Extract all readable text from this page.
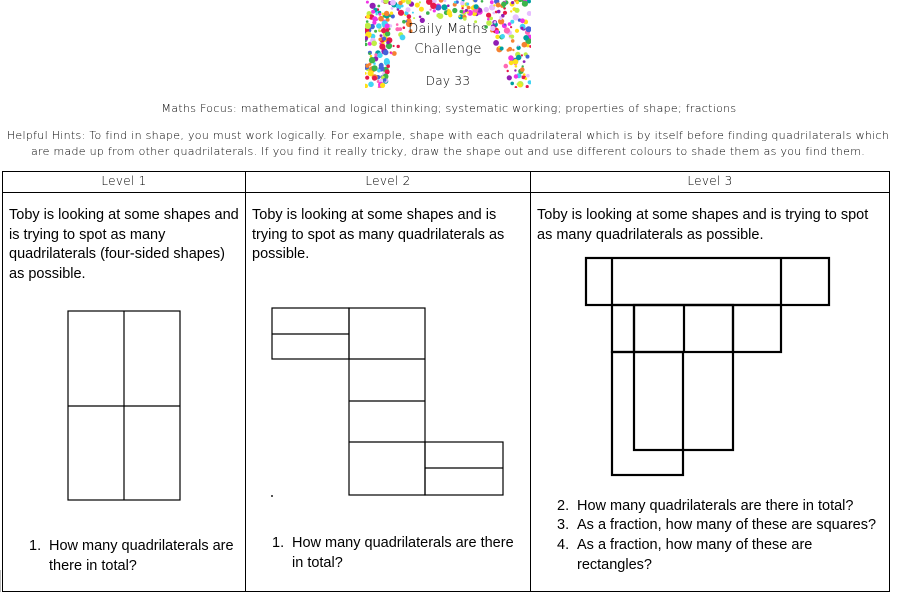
Daily Maths
Challenge
Day 33
Maths Focus: mathematical and logical thinking; systematic working; properties of shape; fractions
Helpful Hints: To find in shape, you must work logically. For example, shape with each quadrilateral which is by itself before finding quadrilaterals which are made up from other quadrilaterals. If you find it really tricky, draw the shape out and use different colours to shade them as you find them.
Level 1	Level 2	Level 3
Toby is looking at some shapes and is trying to spot as many quadrilaterals (four-sided shapes) as possible.
Toby is looking at some shapes and is trying to spot as many quadrilaterals as possible.
Toby is looking at some shapes and is trying to spot as many quadrilaterals as possible.
1. How many quadrilaterals are there in total?
1. How many quadrilaterals are there in total?
2. How many quadrilaterals are there in total?
3. As a fraction, how many of these are squares?
4. As a fraction, how many of these are rectangles?
